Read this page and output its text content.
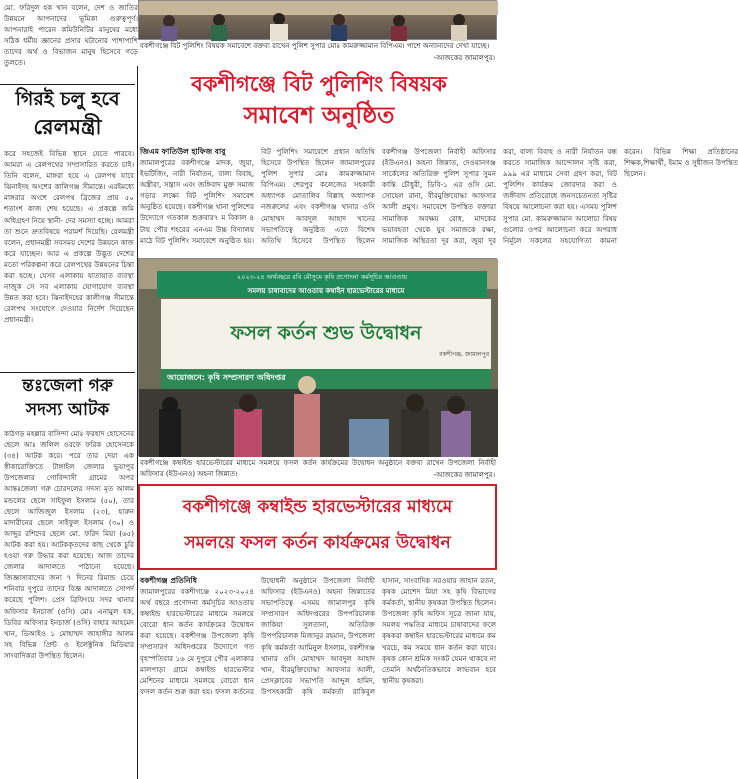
মো. ফরিদুল হক খান বলেন, দেশ ও জাতির উন্নয়নে আপনাদের ভূমিকা গুরুত্বপূর্ণ। আপনারাই পারেন কমিউনিটির মানুষের মধ্যে সঠিক ধর্মীয় জ্ঞানের প্রসার ঘটানোর পাশাপাশি তাদের অর্থ ও বিভাজন মানুষ হিসেবে গড়ে তুলতে।
বকশীগঞ্জে বিট পুলিশিং বিষয়ক সমাবেশে বক্তব্য রাখেন পুলিশ সুপার মোঃ কামরুজ্জামান বিপিএম। পাশে অন্যান্যদের দেখা যাচ্ছে।
-আজকের জামালপুর।
গিরই চলু হবে
রেলমন্ত্রী
করে সহজেই বিভিন্ন স্থানে যেতে পারবে। আমরা এ রেলপথের সম্প্রসারিত করতে চাই। তিনি বলেন, মাঙ্গরা হয়ে এ রেলপথ যাবে ঝিনাইদহ অংশের কালিগঞ্জ সীমান্তে। এরইমধ্যে মাঙ্গরার অংশে রেলপথ ব্রিজের প্রায় ৫০ শতাংশ কাজ শেষ হয়েছে। এ প্রকল্পে জমি অধিগ্রহণ নিয়ে স্থানী- দের সমস্যা হচ্ছে। আমরা তা শুনে দ্রুতবিষয়ে পরামর্শ দিয়েছি। রেলমন্ত্রী বলেন, প্রধানমন্ত্রী সবসময় দেশের উন্নয়নে কাজ করে যাচ্ছেন। আর এ প্রকল্পে উদ্ভূত দেশের মতো পরিকল্পনা করে রেলপথের উন্নয়নের চিন্তা করা হচ্ছে। যেসব এলাকায় যাতায়াত ব্যবস্থা নাজুক সে সব এলাকায় যোগাযোগ ব্যবস্থা উন্নত করা হবে। ঝিনাইদহের কালীগঞ্জ সীমান্তে রেলপথ সংযোগে দেওয়ার নির্দেশ দিয়েছেন প্রধানমন্ত্রী।
ন্তঃজেলা গরু
সদস্য আটক
কাঠগড় মহল্লার বাসিন্দা মোঃ ফরহাদ হোসেনের ছেলে আঃ জলিল ওরফে ফরিক হোসেনকে (৩৪) আটক করে। পরে তার দেয়া এক স্বীকারোক্তিতে টাঙ্গাইল জেলার ভুয়াপুর উপজেলার গোবিন্দাসী গ্রামের অপর আন্তঃজেলা গরু চোরদলের সদস্য মৃত আলম মন্ডলের ছেলে সাইফুল ইসলাম (৫০), তার ছেলে আজিজুল ইসলাম (২৩), হারুন মাদারীনের ছেলে সাইফুল ইসলাম (৩০) ও আব্দুর রশিদের ছেলে মো. ফরিদ মিয়া (৬৫) আটক করা হয়। আটককৃতদের কাছ থেকে চুরি হওয়া গরু উদ্ধার করা হয়েছে। আজ তাদের জেলার আদালতে পাঠানো হয়েছে। জিজ্ঞাসাবাদের জন্য ৭ দিনের রিমান্ড চেয়ে শনিবার দুপুরে তাদের বিজ্ঞ আদালতে সোপর্দ করেছে পুলিশ। প্রেস ব্রিফিংয়ে সদর থানার অফিসার ইনচার্জ (ওসি) মোঃ এনামুল হক, ডিবির অফিসার ইনচার্জ (ওসি) বাহার আহমেদ খান, ডিআইও ১ মোহাম্মদ জাহাঙ্গীর আলম সহ বিভিন্ন প্রিন্ট ও ইলেক্ট্রনিক মিডিয়ার সাংবাদিকরা উপস্থিত ছিলেন।
বকশীগঞ্জে বিট পুলিশিং বিষয়ক
সমাবেশ অনুষ্ঠিত
জিএম ফাতিউল হাফিজ বাবু
জামালপুরের বকশীগঞ্জে মাদক, জুয়া, ইভটিজিং, নারী নির্যাতন, বাল্য বিবাহ, অস্ত্রীরা, সন্ত্রাস এবং জঙ্গিবাদ মুক্ত সমাজ গড়ার লক্ষ্যে বিট পুলিশিং সমাবেশ অনুষ্ঠিত হয়েছে। বকশীগঞ্জ থানা পুলিশের উদ্যোগে গতকাল শুক্রবার৭ ম বিকাল ৪ টায় পৌর শহরের এনএম উচ্চ বিদ্যালয় মাঠে বিট পুলিশিং সমাবেশে অনুষ্ঠিত হয়। বিট পুলিশিং সমাবেশে প্রধান অতিথি হিসেবে উপস্থিত ছিলেন জামালপুরের পুলিশ সুপার মোঃ কামরুজ্জামান বিপিএম। শেরপুর কলেজের সহকারী অধ্যাপক মোতালিব বিল্লাহ অধ্যাপক নজরুলের এবং বকশীগঞ্জ থানার ওসি মোহাম্মদ আবদুল আহাদ খানের সভাপতিত্বে অনুষ্ঠিত এতে বিশেষ অতিথি হিসেবে উপস্থিত ছিলেন বকশীগঞ্জ উপজেলা নির্বাহী অফিসার (ইউএনও) অহনা জিন্নাত, দেওয়ানগঞ্জ সার্কেলের অতিরিক্ত পুলিশ সুপার সুমন কান্তি চৌধুরী, ডিবি-১ এর ওসি মো. সোহেল রানা, বীরমুক্তিযোদ্ধা আফসার আলী প্রমুখ। সমাবেশে উপস্থিত বক্তারা সামাজিক অবক্ষয় রোধ, মাদকের ভয়াবহতা থেকে যুব সমাজকে রক্ষা, সামাজিক অস্থিরতা দূর করা, জুয়া দূর করা, বাল্য বিবাহ ও নারী নির্যাতন বন্ধ করতে সামাজিক আন্দোলন সৃষ্টি করা, ৯৯৯ এর মাধ্যমে সেবা গ্রহণ করা, বিট পুলিশিং কার্যক্রম জোরদার করা ও জঙ্গীবাদ প্রতিরোধে জনসচেতনতা সৃষ্টির বিষয়ে আলোচনা করা হয়। এসময় পুলিশ সুপার মো. কামরুজ্জামান আলোচ্য বিষয় গুলোর ওপর আলোচনা করে অপরাধ নির্মূলে সকলের সহযোগিতা কামনা করেন। বিভিন্ন শিক্ষা প্রতিষ্ঠানের শিক্ষক,শিক্ষার্থী, ইমাম ও সুধীজন উপস্থিত ছিলেন।
২০২৩-২৪ অর্থবছরে রবি মৌসুমে কৃষি প্রণোদনা কর্মসূচির আওতায়
সমলয় চাষাবাদের আওতায় কম্বাইন হারভেস্টারের মাধ্যমে
ফসল কর্তন শুভ উদ্বোধন
আয়োজনে: কৃষি সম্প্রসারণ অধিদপ্তর
বকশীগঞ্জ, জামালপুর
বকশীগঞ্জে কম্বাইন্ড হারভেস্টারের মাধ্যমে সমলয়ে ফসল কর্তন কার্যক্রমের উদ্বোধন অনুষ্ঠানে বক্তব্য রাখেন উপজেলা নির্বাহী অফিসার (ইউএনও) অহনা জিন্নাত।	-আজকের জামালপুর।
বকশীগঞ্জে কম্বাইন্ড হারভেস্টারের মাধ্যমে
সমলয়ে ফসল কর্তন কার্যক্রমের উদ্বোধন
বকশীগঞ্জ প্রতিনিধি
জামালপুরের বকশীগঞ্জে ২০২৩-২০২৪ অর্থ বছরে প্রণোদনা কর্মসূচির আওতায় কম্বাইন্ড হারভেস্টারের মাধ্যমে সমলয়ে বোরো ধান কর্তন কার্যক্রমের উদ্বোধন করা হয়েছে। বকশীগঞ্জ উপজেলা কৃষি সম্প্রসারণ অধিদপ্তরের উদ্যোগে গত বৃহস্পতিবার ১৬ মে দুপুরে পৌর এলাকার মালপাড়া গ্রামে কম্বাইন্ড হারভেস্টার মেশিনের মাধ্যমে সমলয়ে বোরো ধান ফসল কর্তন শুরু করা হয়। ফসল কর্তনের উদ্বোধনী অনুষ্ঠানে উপজেলা নির্বাহী অফিসার (ইউএনও) অহনা জিন্নাতের সভাপতিত্বে এসময় জামালপুর কৃষি সম্প্রসারণ অধিদপ্তরের উপপরিচালক জাকিয়া সুলতানা, অতিরিক্ত উপপরিচালক মিজানুর রহমান, উপজেলা কৃষি কর্মকর্তা আমিনুল ইসলাম, বকশীগঞ্জ থানার ওসি মোহাম্মদ আবদুল আহাদ খান, বীরমুক্তিযোদ্ধা আফসার আলী, প্রেসক্লাবের সভাপতি আব্দুল হামিদ, উপসহকারী কৃষি কর্মকর্তা রাকিবুল হাসান, সাংবাদিক সরওয়ার জাহান রতন, কৃষক মোশেদ মিয়া সহ কৃষি বিভাগের কর্মকর্তা, স্থানীয় কৃষকরা উপস্থিত ছিলেন। উপজেলা কৃষি অফিস সূত্রে জানা যায়, সমলয় পদ্ধতির মাধ্যমে চাষাবাদের ফলে কৃষকরা কম্বাইন হারভেস্টারের মাধ্যমে কম খরচে, কম সময়ে ধান কর্তন করা যাবে। কৃষক কোন শ্রমিক সংকট যেমন থাকবে না তেমনি অর্থনৈতিকভাবে লাভবান হবে স্থানীয় কৃষকরা।
